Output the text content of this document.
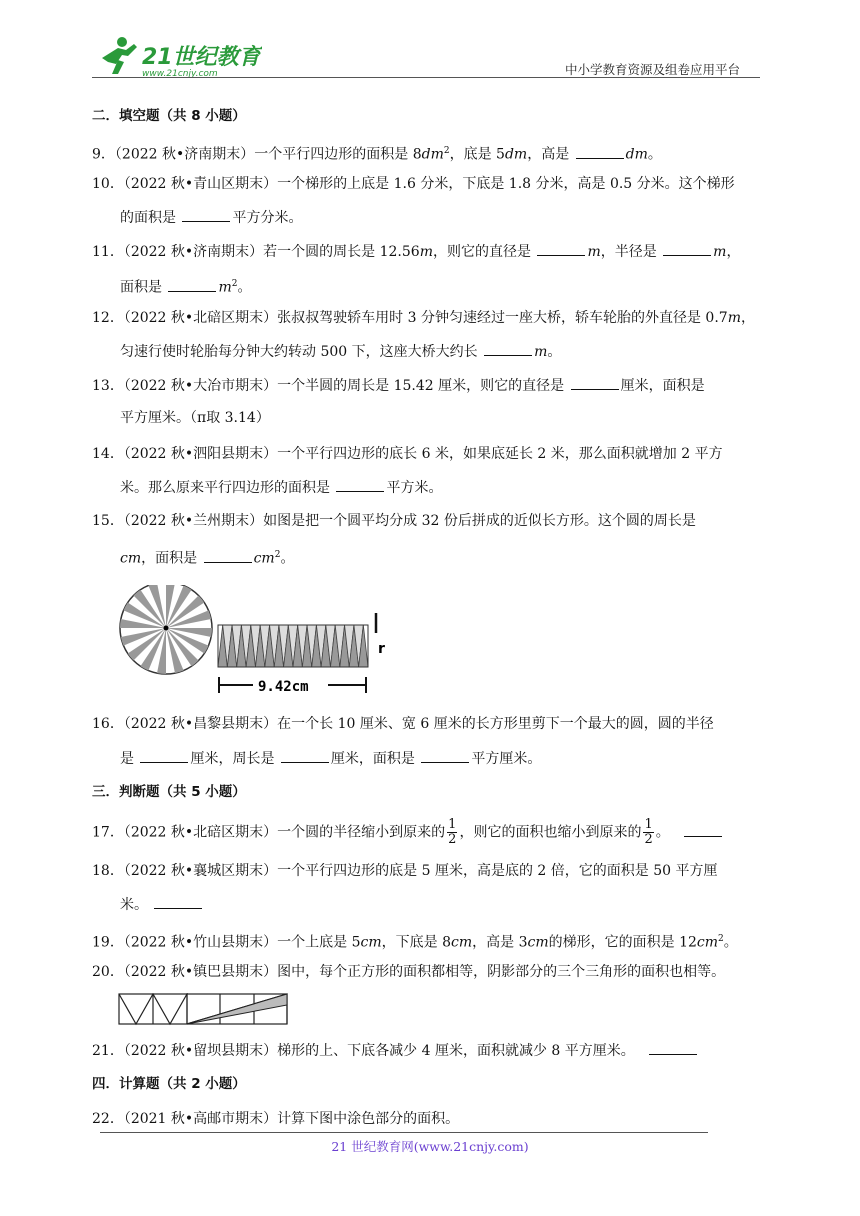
21世纪教育
www.21cnjy.com	中小学教育资源及组卷应用平台
二．填空题（共 8 小题）
9．（2022 秋•济南期末）一个平行四边形的面积是 $8dm^2$，底是 5dm，高是	dm。
10．（2022 秋•青山区期末）一个梯形的上底是 1.6 分米，下底是 1.8 分米，高是 0.5 分米。这个梯形
的面积是	平方分米。
11．（2022 秋•济南期末）若一个圆的周长是 12.56m，则它的直径是	m，半径是	m，
面积是	$m^2$。
12．（2022 秋•北碚区期末）张叔叔驾驶轿车用时 3 分钟匀速经过一座大桥，轿车轮胎的外直径是 0.7m，
匀速行使时轮胎每分钟大约转动 500 下，这座大桥大约长	m。
13．（2022 秋•大冶市期末）一个半圆的周长是 15.42 厘米，则它的直径是	厘米，面积是
平方厘米。（π取 3.14）
14．（2022 秋•泗阳县期末）一个平行四边形的底长 6 米，如果底延长 2 米，那么面积就增加 2 平方
米。那么原来平行四边形的面积是	平方米。
15．（2022 秋•兰州期末）如图是把一个圆平均分成 32 份后拼成的近似长方形。这个圆的周长是
cm，面积是	$cm^2$。
r
9.42cm
16．（2022 秋•昌黎县期末）在一个长 10 厘米、宽 6 厘米的长方形里剪下一个最大的圆，圆的半径
是	厘米，周长是	厘米，面积是	平方厘米。
三．判断题（共 5 小题）
17．（2022 秋•北碚区期末）一个圆的半径缩小到原来的 $\frac{1}{2}$ ，则它的面积也缩小到原来的 $\frac{1}{2}$ 。
18．（2022 秋•襄城区期末）一个平行四边形的底是 5 厘米，高是底的 2 倍，它的面积是 50 平方厘
米。
19．（2022 秋•竹山县期末）一个上底是 5cm，下底是 8cm，高是 3cm的梯形，它的面积是 $12cm^2$。
20．（2022 秋•镇巴县期末）图中，每个正方形的面积都相等，阴影部分的三个三角形的面积也相等。
21．（2022 秋•留坝县期末）梯形的上、下底各减少 4 厘米，面积就减少 8 平方厘米。
四．计算题（共 2 小题）
22．（2021 秋•高邮市期末）计算下图中涂色部分的面积。
21 世纪教育网(www.21cnjy.com)
